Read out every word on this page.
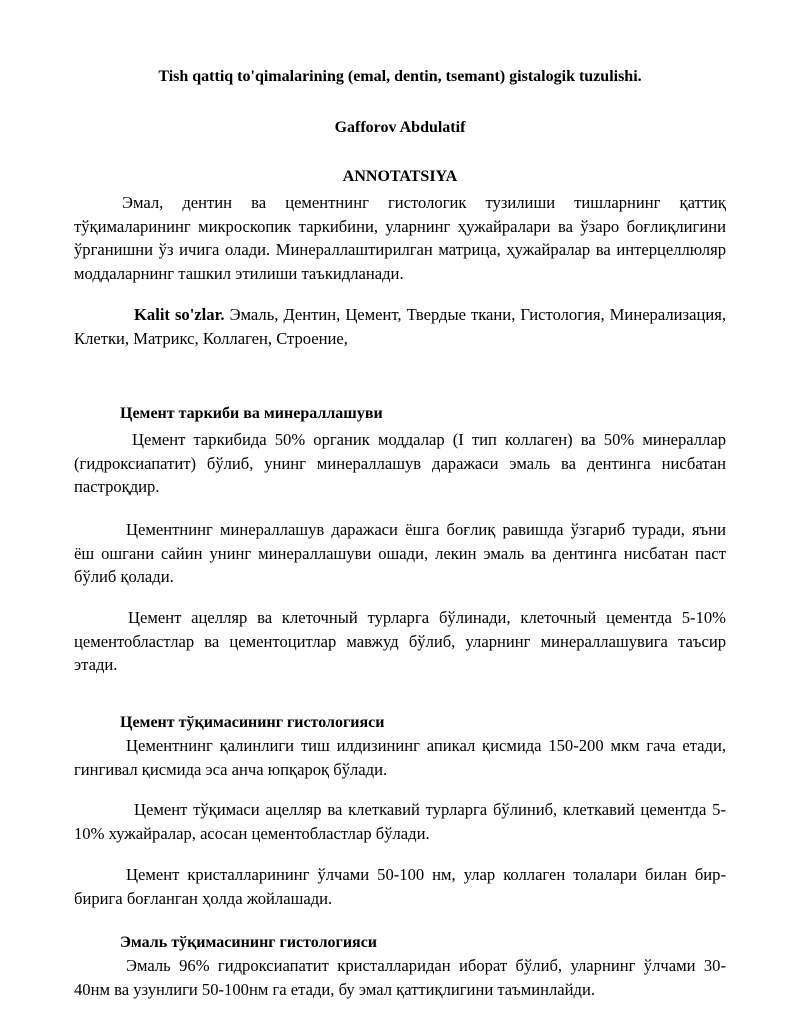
Tish qattiq to'qimalarining (emal, dentin, tsemant) gistalogik tuzulishi.
Gafforov Abdulatif
ANNOTATSIYA

Эмал, дентин ва цементнинг гистологик тузилиши тишларнинг қаттиқ тўқималарининг микроскопик таркибини, уларнинг ҳужайралари ва ўзаро боғлиқлигини ўрганишни ўз ичига олади. Минераллаштирилган матрица, ҳужайралар ва интерцеллюляр моддаларнинг ташкил этилиши таъкидланади.

Kalit so'zlar. Эмаль, Дентин, Цемент, Твердые ткани, Гистология, Минерализация, Клетки, Матрикс, Коллаген, Строение,

Цемент таркиби ва минераллашуви

Цемент таркибида 50% органик моддалар (I тип коллаген) ва 50% минераллар (гидроксиапатит) бўлиб, унинг минераллашув даражаси эмаль ва дентинга нисбатан пастроқдир.

Цементнинг минераллашув даражаси ёшга боғлиқ равишда ўзгариб туради, яъни ёш ошгани сайин унинг минераллашуви ошади, лекин эмаль ва дентинга нисбатан паст бўлиб қолади.

Цемент ацелляр ва клеточный турларга бўлинади, клеточный цементда 5-10% цементобластлар ва цементоцитлар мавжуд бўлиб, уларнинг минераллашувига таъсир этади.

Цемент тўқимасининг гистологияси

Цементнинг қалинлиги тиш илдизининг апикал қисмида 150-200 мкм гача етади, гингивал қисмида эса анча юпқароқ бўлади.

Цемент тўқимаси ацелляр ва клеткавий турларга бўлиниб, клеткавий цементда 5-10% хужайралар, асосан цементобластлар бўлади.

Цемент кристалларининг ўлчами 50-100 нм, улар коллаген толалари билан бир-бирига боғланган ҳолда жойлашади.

Эмаль тўқимасининг гистологияси

Эмаль 96% гидроксиапатит кристалларидан иборат бўлиб, уларнинг ўлчами 30-40нм ва узунлиги 50-100нм га етади, бу эмал қаттиқлигини таъминлайди.
